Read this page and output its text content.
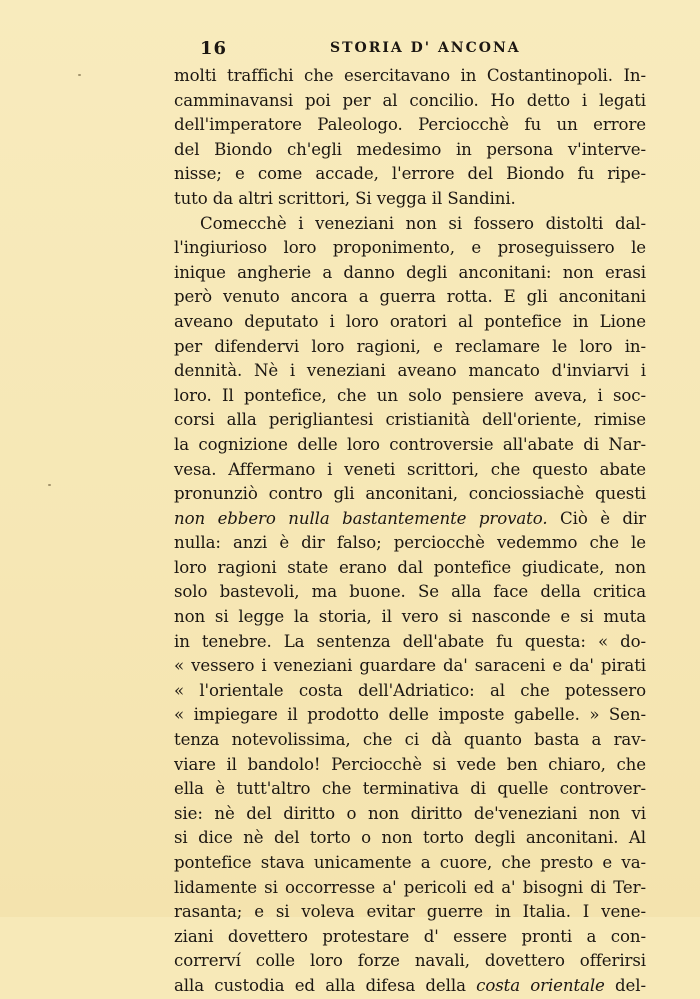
16	STORIA D' ANCONA
molti traffichi che esercitavano in Costantinopoli. In-
camminavansi poi per al concilio. Ho detto i legati
dell'imperatore Paleologo. Perciocchè fu un errore
del Biondo ch'egli medesimo in persona v'interve-
nisse; e come accade, l'errore del Biondo fu ripe-
tuto da altri scrittori, Si vegga il Sandini.
Comecchè i veneziani non si fossero distolti dal-
l'ingiurioso loro proponimento, e proseguissero le
inique angherie a danno degli anconitani: non erasi
però venuto ancora a guerra rotta. E gli anconitani
aveano deputato i loro oratori al pontefice in Lione
per difendervi loro ragioni, e reclamare le loro in-
dennità. Nè i veneziani aveano mancato d'inviarvi i
loro. Il pontefice, che un solo pensiere aveva, i soc-
corsi alla perigliantesi cristianità dell'oriente, rimise
la cognizione delle loro controversie all'abate di Nar-
vesa. Affermano i veneti scrittori, che questo abate
pronunziò contro gli anconitani, conciossiachè questi
non ebbero nulla bastantemente provato. Ciò è dir
nulla: anzi è dir falso; perciocchè vedemmo che le
loro ragioni state erano dal pontefice giudicate, non
solo bastevoli, ma buone. Se alla face della critica
non si legge la storia, il vero si nasconde e si muta
in tenebre. La sentenza dell'abate fu questa: « do-
« vessero i veneziani guardare da' saraceni e da' pirati
« l'orientale costa dell'Adriatico: al che potessero
« impiegare il prodotto delle imposte gabelle. » Sen-
tenza notevolissima, che ci dà quanto basta a rav-
viare il bandolo! Perciocchè si vede ben chiaro, che
ella è tutt'altro che terminativa di quelle controver-
sie: nè del diritto o non diritto de'veneziani non vi
si dice nè del torto o non torto degli anconitani. Al
pontefice stava unicamente a cuore, che presto e va-
lidamente si occorresse a' pericoli ed a' bisogni di Ter-
rasanta; e si voleva evitar guerre in Italia. I vene-
ziani dovettero protestare d' essere pronti a con-
correrví colle loro forze navali, dovettero offerirsi
alla custodia ed alla difesa della costa orientale del-
